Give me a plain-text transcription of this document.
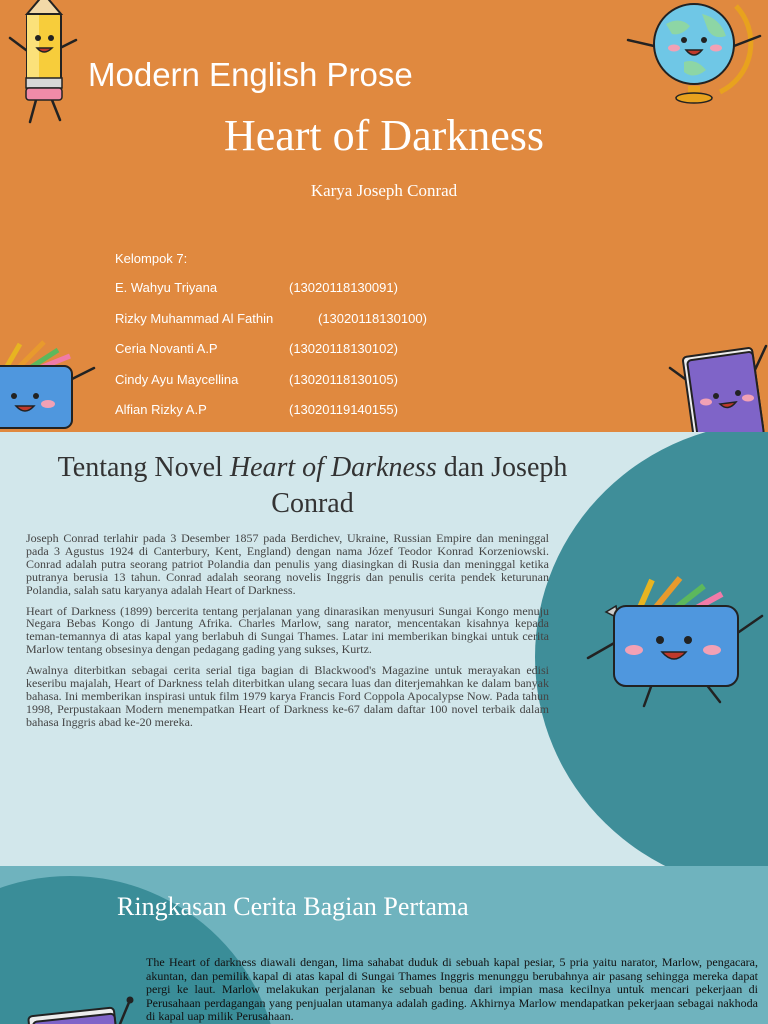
Modern English Prose
Heart of Darkness
Karya Joseph Conrad
Kelompok 7:
E. Wahyu Triyana	(13020118130091)
Rizky Muhammad Al Fathin	(13020118130100)
Ceria Novanti A.P	(13020118130102)
Cindy Ayu Maycellina	(13020118130105)
Alfian Rizky A.P	(13020119140155)
Tentang Novel Heart of Darkness dan Joseph Conrad

Joseph Conrad terlahir pada 3 Desember 1857 pada Berdichev, Ukraine, Russian Empire dan meninggal pada 3 Agustus 1924 di Canterbury, Kent, England) dengan nama Józef Teodor Konrad Korzeniowski. Conrad adalah putra seorang patriot Polandia dan penulis yang diasingkan di Rusia dan meninggal ketika putranya berusia 13 tahun. Conrad adalah seorang novelis Inggris dan penulis cerita pendek keturunan Polandia, salah satu karyanya adalah Heart of Darkness.

Heart of Darkness (1899) bercerita tentang perjalanan yang dinarasikan menyusuri Sungai Kongo menuju Negara Bebas Kongo di Jantung Afrika. Charles Marlow, sang narator, mencentakan kisahnya kepada teman-temannya di atas kapal yang berlabuh di Sungai Thames. Latar ini memberikan bingkai untuk cerita Marlow tentang obsesinya dengan pedagang gading yang sukses, Kurtz.

Awalnya diterbitkan sebagai cerita serial tiga bagian di Blackwood's Magazine untuk merayakan edisi keseribu majalah, Heart of Darkness telah diterbitkan ulang secara luas dan diterjemahkan ke dalam banyak bahasa. Ini memberikan inspirasi untuk film 1979 karya Francis Ford Coppola Apocalypse Now. Pada tahun 1998, Perpustakaan Modern menempatkan Heart of Darkness ke-67 dalam daftar 100 novel terbaik dalam bahasa Inggris abad ke-20 mereka.

Ringkasan Cerita Bagian Pertama

The Heart of darkness diawali dengan, lima sahabat duduk di sebuah kapal pesiar, 5 pria yaitu narator, Marlow, pengacara, akuntan, dan pemilik kapal di atas kapal di Sungai Thames Inggris menunggu berubahnya air pasang sehingga mereka dapat pergi ke laut. Marlow melakukan perjalanan ke sebuah benua dari impian masa kecilnya untuk mencari pekerjaan di Perusahaan perdagangan yang penjualan utamanya adalah gading. Akhirnya Marlow mendapatkan pekerjaan sebagai nakhoda di kapal uap milik Perusahaan.
